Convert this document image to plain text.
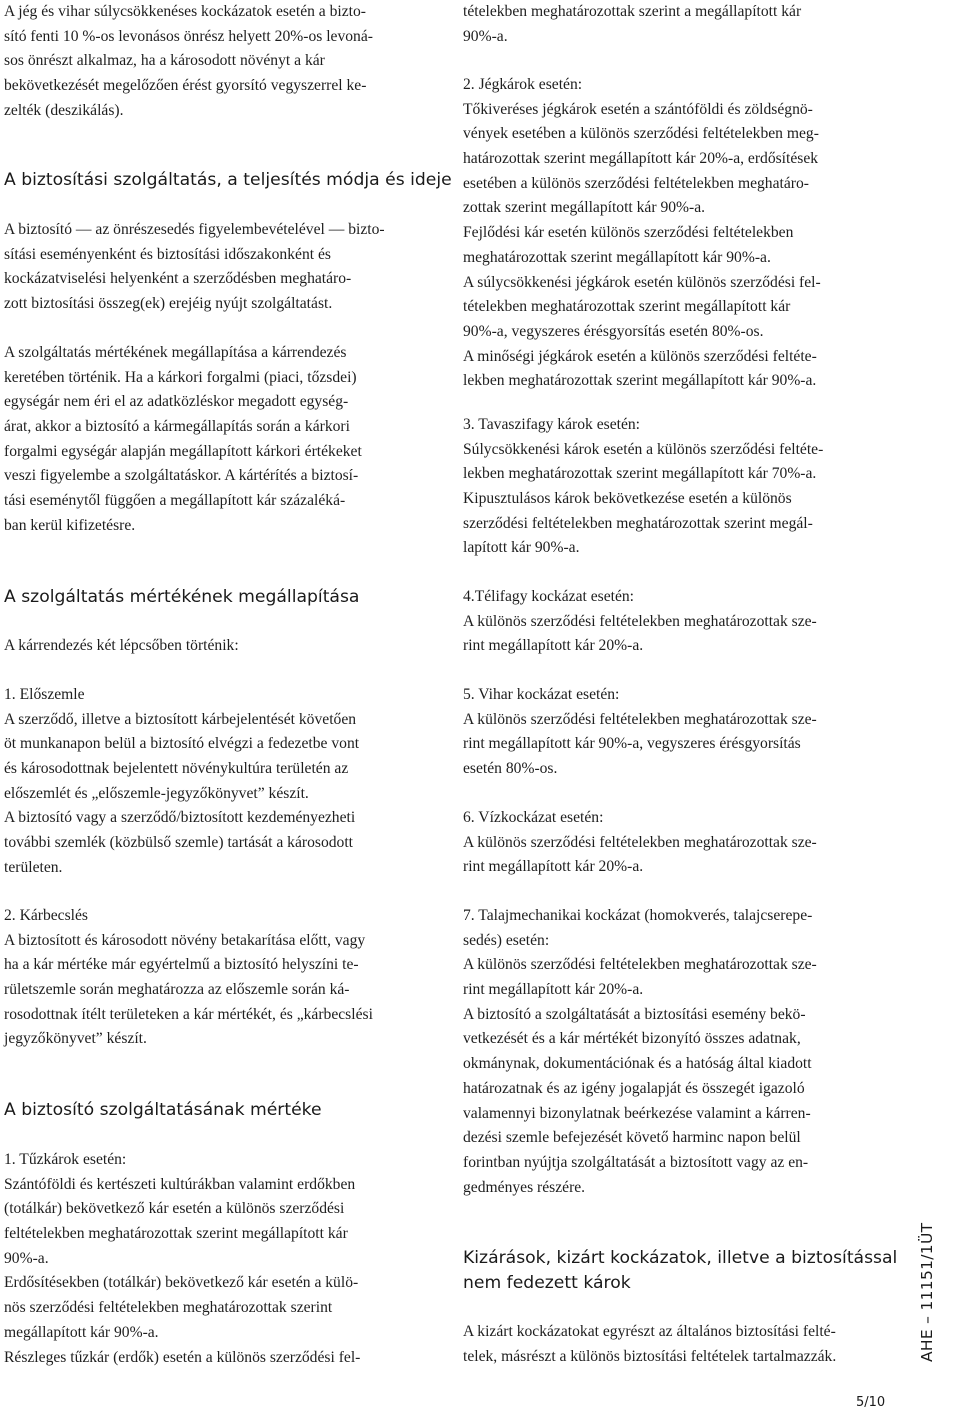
A jég és vihar súlycsökkenéses kockázatok esetén a bizto-
sító fenti 10 %-os levonásos önrész helyett 20%-os levoná-
sos önrészt alkalmaz, ha a károsodott növényt a kár
bekövetkezését megelőzően érést gyorsító vegyszerrel ke-
zelték (deszikálás).
A biztosítási szolgáltatás, a teljesítés módja és ideje
A biztosító — az önrészesedés figyelembevételével — bizto-
sítási eseményenként és biztosítási időszakonként és
kockázatviselési helyenként a szerződésben meghatáro-
zott biztosítási összeg(ek) erejéig nyújt szolgáltatást.
A szolgáltatás mértékének megállapítása a kárrendezés
keretében történik. Ha a kárkori forgalmi (piaci, tőzsdei)
egységár nem éri el az adatközléskor megadott egység-
árat, akkor a biztosító a kármegállapítás során a kárkori
forgalmi egységár alapján megállapított kárkori értékeket
veszi figyelembe a szolgáltatáskor. A kártérítés a biztosí-
tási eseménytől függően a megállapított kár százaléká-
ban kerül kifizetésre.
A szolgáltatás mértékének megállapítása
A kárrendezés két lépcsőben történik:
1. Előszemle
A szerződő, illetve a biztosított kárbejelentését követően
öt munkanapon belül a biztosító elvégzi a fedezetbe vont
és károsodottnak bejelentett növénykultúra területén az
előszemlét és „előszemle-jegyzőkönyvet” készít.
A biztosító vagy a szerződő/biztosított kezdeményezheti
további szemlék (közbülső szemle) tartását a károsodott
területen.
2. Kárbecslés
A biztosított és károsodott növény betakarítása előtt, vagy
ha a kár mértéke már egyértelmű a biztosító helyszíni te-
rületszemle során meghatározza az előszemle során ká-
rosodottnak ítélt területeken a kár mértékét, és „kárbecslési
jegyzőkönyvet” készít.
A biztosító szolgáltatásának mértéke
1. Tűzkárok esetén:
Szántóföldi és kertészeti kultúrákban valamint erdőkben
(totálkár) bekövetkező kár esetén a különös szerződési
feltételekben meghatározottak szerint megállapított kár
90%-a.
Erdősítésekben (totálkár) bekövetkező kár esetén a külö-
nös szerződési feltételekben meghatározottak szerint
megállapított kár 90%-a.
Részleges tűzkár (erdők) esetén a különös szerződési fel-
tételekben meghatározottak szerint a megállapított kár
90%-a.
2. Jégkárok esetén:
Tőkiveréses jégkárok esetén a szántóföldi és zöldségnö-
vények esetében a különös szerződési feltételekben meg-
határozottak szerint megállapított kár 20%-a, erdősítések
esetében a különös szerződési feltételekben meghatáro-
zottak szerint megállapított kár 90%-a.
Fejlődési kár esetén különös szerződési feltételekben
meghatározottak szerint megállapított kár 90%-a.
A súlycsökkenési jégkárok esetén különös szerződési fel-
tételekben meghatározottak szerint megállapított kár
90%-a, vegyszeres érésgyorsítás esetén 80%-os.
A minőségi jégkárok esetén a különös szerződési feltéte-
lekben meghatározottak szerint megállapított kár 90%-a.
3. Tavaszifagy károk esetén:
Súlycsökkenési károk esetén a különös szerződési feltéte-
lekben meghatározottak szerint megállapított kár 70%-a.
Kipusztulásos károk bekövetkezése esetén a különös
szerződési feltételekben meghatározottak szerint megál-
lapított kár 90%-a.
4.Télifagy kockázat esetén:
A különös szerződési feltételekben meghatározottak sze-
rint megállapított kár 20%-a.
5. Vihar kockázat esetén:
A különös szerződési feltételekben meghatározottak sze-
rint megállapított kár 90%-a, vegyszeres érésgyorsítás
esetén 80%-os.
6. Vízkockázat esetén:
A különös szerződési feltételekben meghatározottak sze-
rint megállapított kár 20%-a.
7. Talajmechanikai kockázat (homokverés, talajcserepe-
sedés) esetén:
A különös szerződési feltételekben meghatározottak sze-
rint megállapított kár 20%-a.
A biztosító a szolgáltatását a biztosítási esemény bekö-
vetkezését és a kár mértékét bizonyító összes adatnak,
okmánynak, dokumentációnak és a hatóság által kiadott
határozatnak és az igény jogalapját és összegét igazoló
valamennyi bizonylatnak beérkezése valamint a kárren-
dezési szemle befejezését követő harminc napon belül
forintban nyújtja szolgáltatását a biztosított vagy az en-
gedményes részére.
Kizárások, kizárt kockázatok, illetve a biztosítással
nem fedezett károk
A kizárt kockázatokat egyrészt az általános biztosítási felté-
telek, másrészt a különös biztosítási feltételek tartalmazzák.	AHE – 11151/1ÜT
5/10
